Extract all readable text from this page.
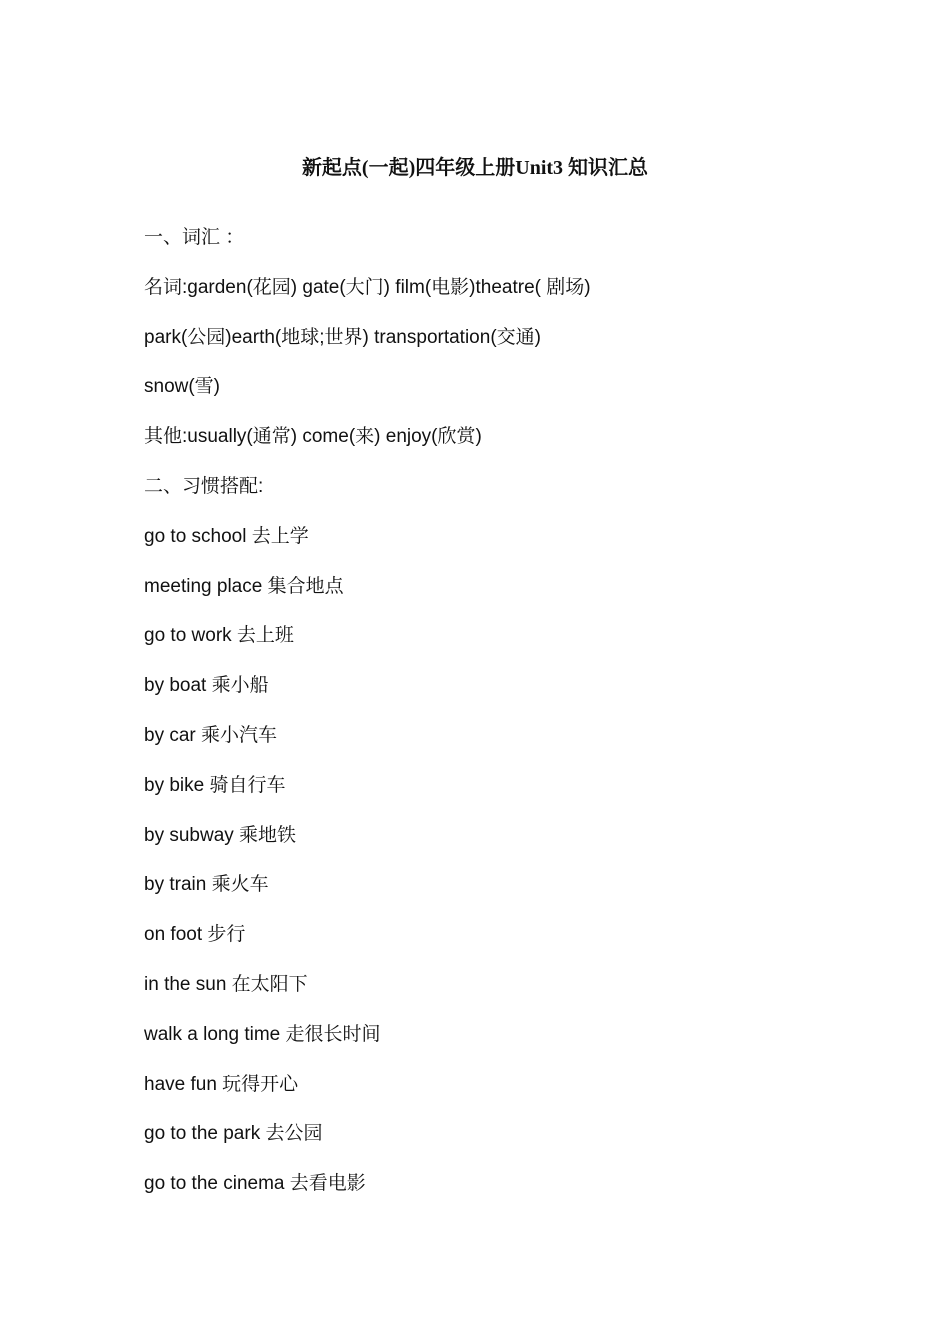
新起点(一起)四年级上册Unit3 知识汇总

一、词汇 ：

名词:garden(花园) gate(大门) film(电影)theatre( 剧场)

park(公园)earth(地球;世界) transportation(交通)

snow(雪)

其他:usually(通常) come(来) enjoy(欣赏)

二、习惯搭配:

go to school 去上学

meeting place 集合地点

go to work 去上班

by boat 乘小船

by car 乘小汽车

by bike 骑自行车

by subway 乘地铁

by train 乘火车

on foot 步行

in the sun 在太阳下

walk a long time 走很长时间

have fun 玩得开心

go to the park 去公园

go to the cinema 去看电影
